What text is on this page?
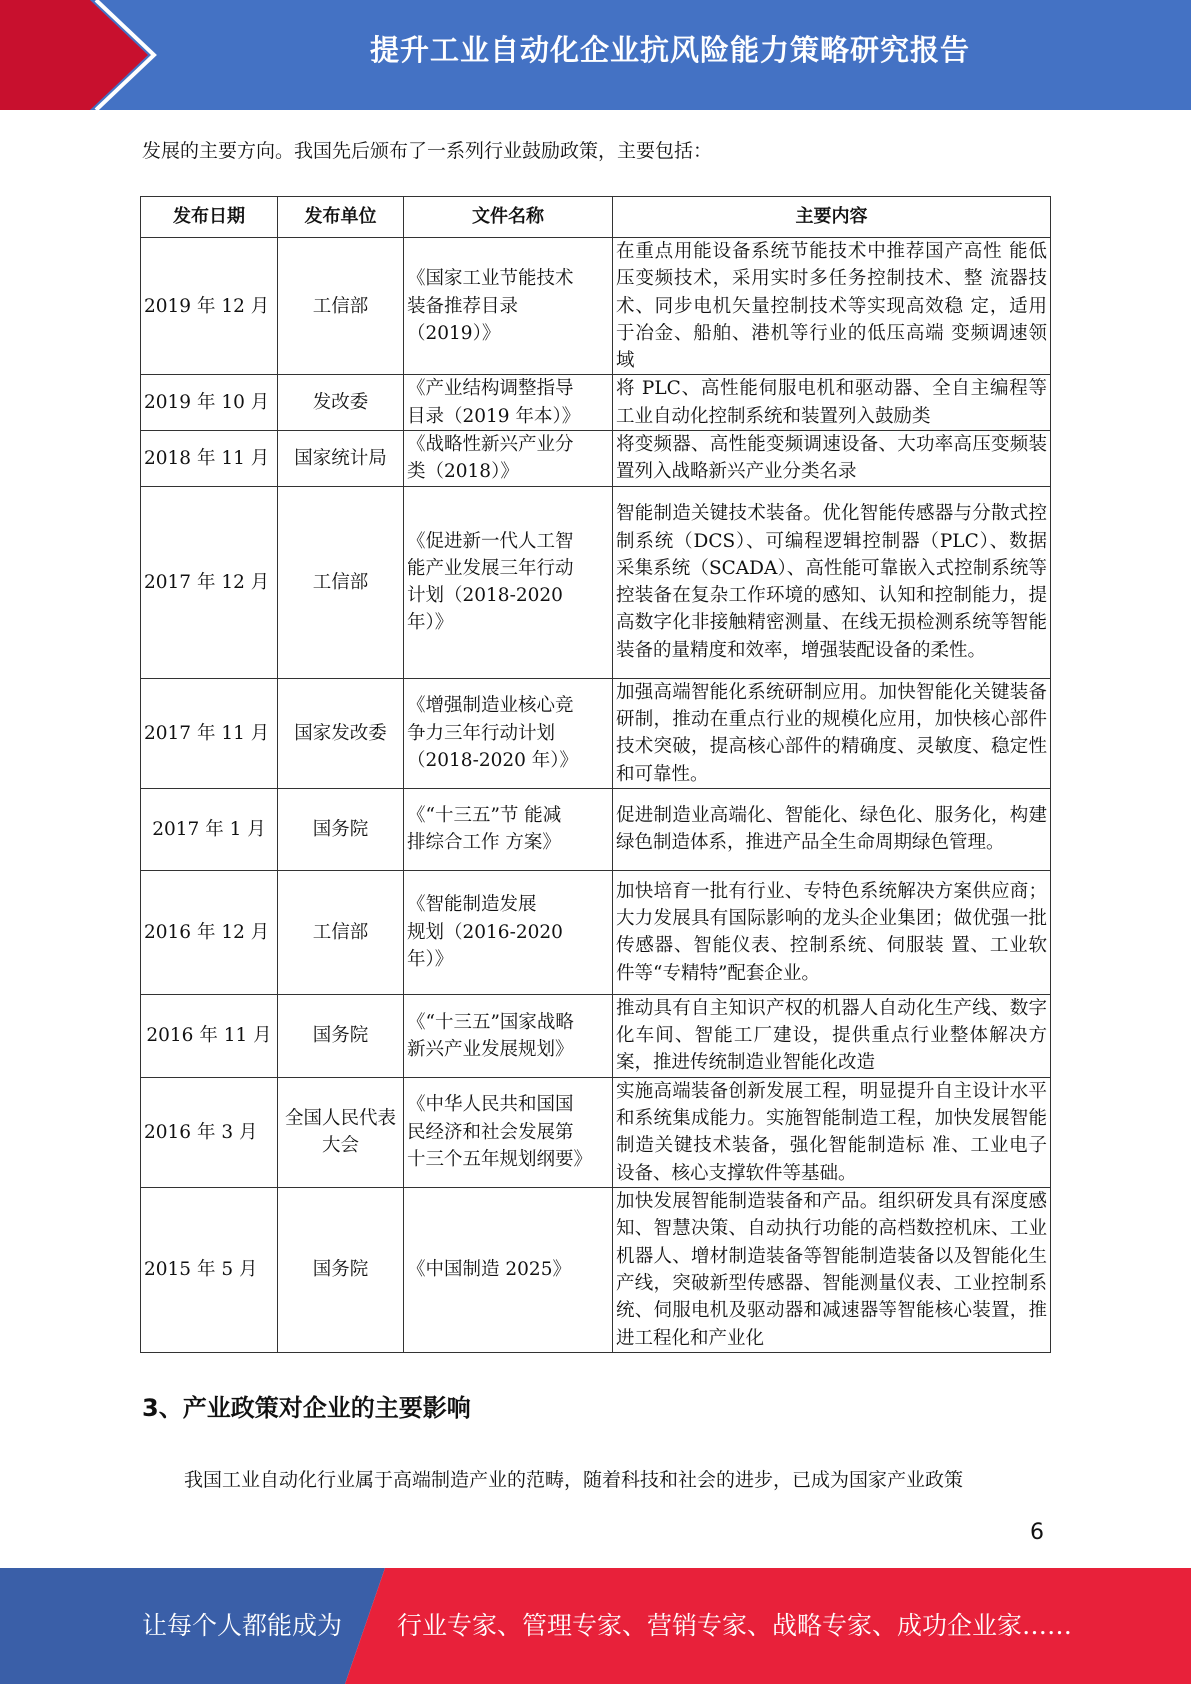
提升工业自动化企业抗风险能力策略研究报告
发展的主要方向。我国先后颁布了一系列行业鼓励政策，主要包括：
发布日期	发布单位	文件名称	主要内容
2019 年 12 月	工信部	《国家工业节能技术
装备推荐目录
（2019）》	在重点用能设备系统节能技术中推荐国产高性 能低压变频技术，采用实时多任务控制技术、整 流器技术、同步电机矢量控制技术等实现高效稳 定，适用于冶金、船舶、港机等行业的低压高端 变频调速领域
2019 年 10 月	发改委	《产业结构调整指导
目录（2019 年本）》	将 PLC、高性能伺服电机和驱动器、全自主编程等工业自动化控制系统和装置列入鼓励类
2018 年 11 月	国家统计局	《战略性新兴产业分
类（2018）》	将变频器、高性能变频调速设备、大功率高压变频装置列入战略新兴产业分类名录
2017 年 12 月	工信部	《促进新一代人工智
能产业发展三年行动
计划（2018-2020
年）》	智能制造关键技术装备。优化智能传感器与分散式控制系统（DCS）、可编程逻辑控制器（PLC）、数据采集系统（SCADA）、高性能可靠嵌入式控制系统等控装备在复杂工作环境的感知、认知和控制能力，提高数字化非接触精密测量、在线无损检测系统等智能装备的量精度和效率，增强装配设备的柔性。
2017 年 11 月	国家发改委	《增强制造业核心竞
争力三年行动计划
（2018-2020 年）》	加强高端智能化系统研制应用。加快智能化关键装备研制，推动在重点行业的规模化应用，加快核心部件技术突破，提高核心部件的精确度、灵敏度、稳定性和可靠性。
2017 年 1 月	国务院	《“十三五”节 能减
排综合工作 方案》	促进制造业高端化、智能化、绿色化、服务化，构建绿色制造体系，推进产品全生命周期绿色管理。
2016 年 12 月	工信部	《智能制造发展
规划（2016-2020
年）》	加快培育一批有行业、专特色系统解决方案供应商；大力发展具有国际影响的龙头企业集团；做优强一批传感器、智能仪表、控制系统、伺服装 置、工业软件等“专精特”配套企业。
2016 年 11 月	国务院	《“十三五”国家战略
新兴产业发展规划》	推动具有自主知识产权的机器人自动化生产线、数字化车间、智能工厂建设，提供重点行业整体解决方案，推进传统制造业智能化改造
2016 年 3 月	全国人民代表大会	《中华人民共和国国
民经济和社会发展第
十三个五年规划纲要》	实施高端装备创新发展工程，明显提升自主设计水平和系统集成能力。实施智能制造工程，加快发展智能制造关键技术装备，强化智能制造标 准、工业电子设备、核心支撑软件等基础。
2015 年 5 月	国务院	《中国制造 2025》	加快发展智能制造装备和产品。组织研发具有深度感知、智慧决策、自动执行功能的高档数控机床、工业机器人、增材制造装备等智能制造装备以及智能化生产线，突破新型传感器、智能测量仪表、工业控制系统、伺服电机及驱动器和减速器等智能核心装置，推进工程化和产业化
3、产业政策对企业的主要影响
我国工业自动化行业属于高端制造产业的范畴，随着科技和社会的进步，已成为国家产业政策
6
让每个人都能成为 行业专家、管理专家、营销专家、战略专家、成功企业家……
